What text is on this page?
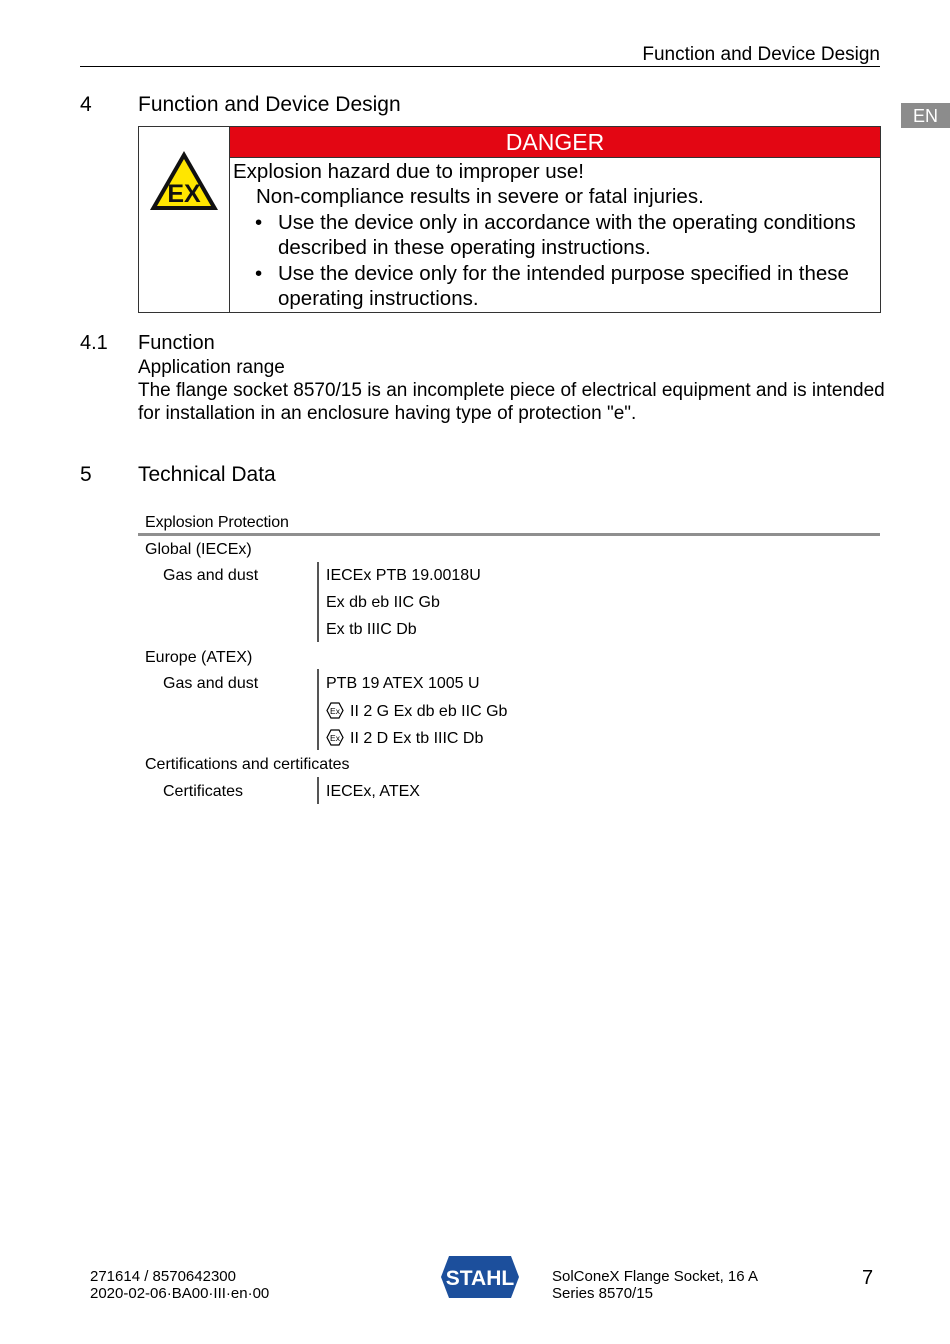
Function and Device Design
EN
4 Function and Device Design
EX
DANGER
Explosion hazard due to improper use!
Non-compliance results in severe or fatal injuries.
• Use the device only in accordance with the operating conditions
described in these operating instructions.
• Use the device only for the intended purpose specified in these
operating instructions.
4.1 Function
Application range
The flange socket 8570/15 is an incomplete piece of electrical equipment and is intended
for installation in an enclosure having type of protection "e".
5 Technical Data
Explosion Protection
Global (IECEx)
Gas and dust	IECEx PTB 19.0018U
Ex db eb IIC Gb
Ex tb IIIC Db
Europe (ATEX)
Gas and dust	PTB 19 ATEX 1005 U
Ex II 2 G Ex db eb IIC Gb
Ex II 2 D Ex tb IIIC Db
Certifications and certificates
Certificates	IECEx, ATEX
271614 / 8570642300
2020-02-06·BA00·III·en·00
STAHL	SolConeX Flange Socket, 16 A
Series 8570/15
7
